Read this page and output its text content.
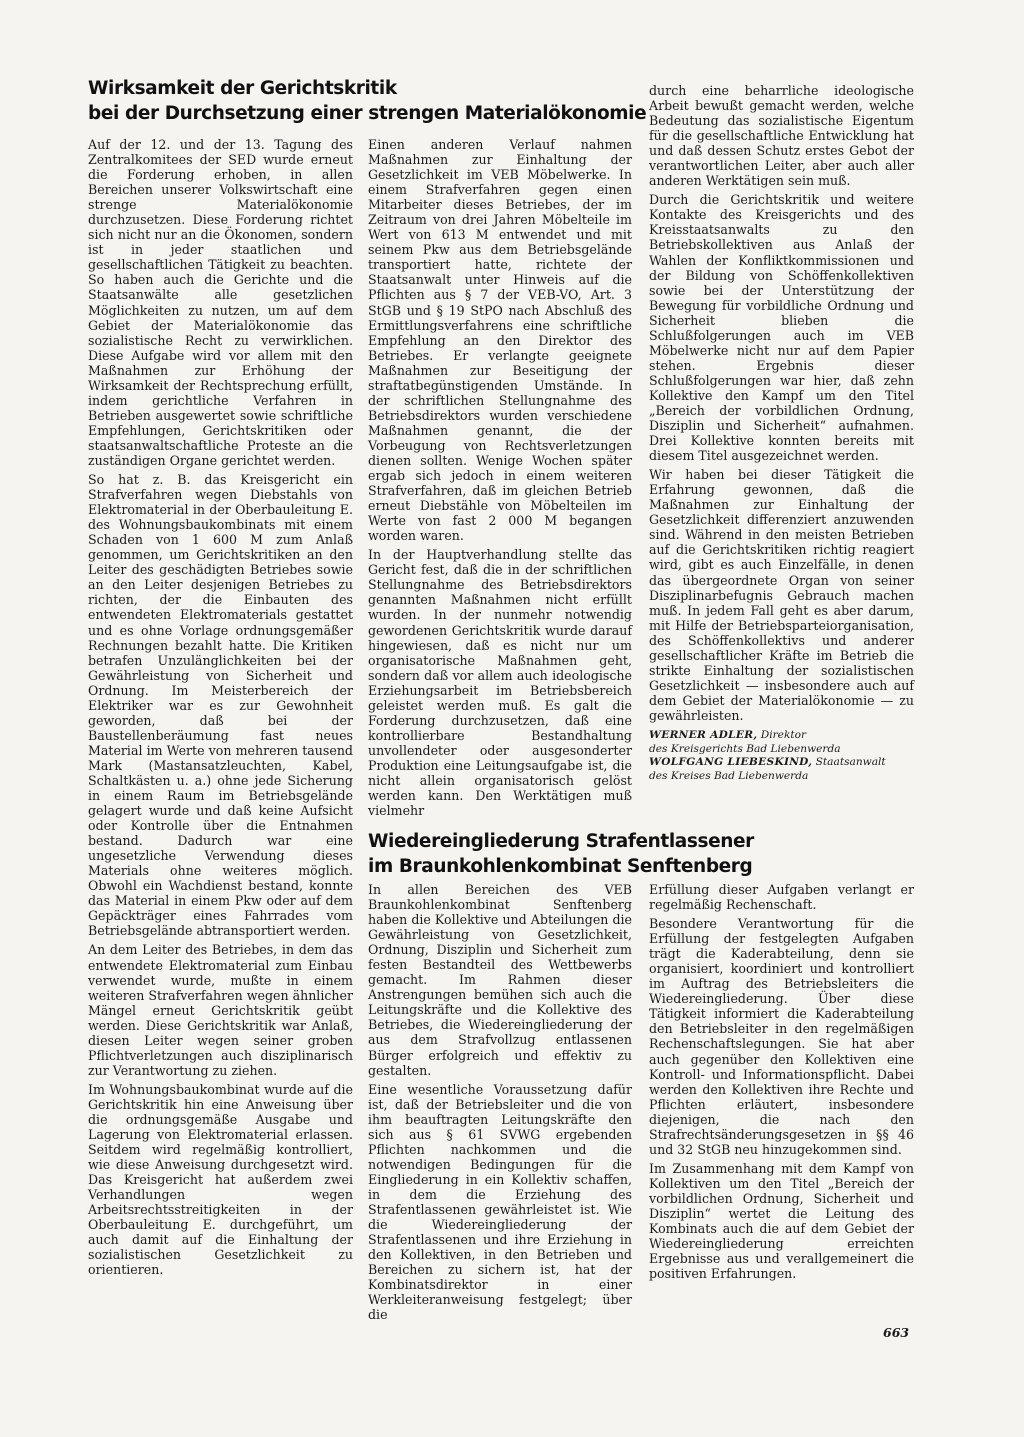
Wirksamkeit der Gerichtskritik
bei der Durchsetzung einer strengen Materialökonomie

Auf der 12. und der 13. Tagung des Zentralkomitees der SED wurde erneut die Forderung erhoben, in allen Bereichen unserer Volkswirtschaft eine strenge Materialökonomie durchzusetzen. Diese Forderung richtet sich nicht nur an die Ökonomen, sondern ist in jeder staatlichen und gesellschaftlichen Tätigkeit zu beachten. So haben auch die Gerichte und die Staatsanwälte alle gesetzlichen Möglichkeiten zu nutzen, um auf dem Gebiet der Materialökonomie das sozialistische Recht zu verwirklichen. Diese Aufgabe wird vor allem mit den Maßnahmen zur Erhöhung der Wirksamkeit der Rechtsprechung erfüllt, indem gerichtliche Verfahren in Betrieben ausgewertet sowie schriftliche Empfehlungen, Gerichtskritiken oder staatsanwaltschaftliche Proteste an die zuständigen Organe gerichtet werden.

So hat z. B. das Kreisgericht ein Strafverfahren wegen Diebstahls von Elektromaterial in der Oberbauleitung E. des Wohnungsbaukombinats mit einem Schaden von 1 600 M zum Anlaß genommen, um Gerichtskritiken an den Leiter des geschädigten Betriebes sowie an den Leiter desjenigen Betriebes zu richten, der die Einbauten des entwendeten Elektromaterials gestattet und es ohne Vorlage ordnungsgemäßer Rechnungen bezahlt hatte. Die Kritiken betrafen Unzulänglichkeiten bei der Gewährleistung von Sicherheit und Ordnung. Im Meisterbereich der Elektriker war es zur Gewohnheit geworden, daß bei der Baustellenberäumung fast neues Material im Werte von mehreren tausend Mark (Mastansatzleuchten, Kabel, Schaltkästen u. a.) ohne jede Sicherung in einem Raum im Betriebsgelände gelagert wurde und daß keine Aufsicht oder Kontrolle über die Entnahmen bestand. Dadurch war eine ungesetzliche Verwendung dieses Materials ohne weiteres möglich. Obwohl ein Wachdienst bestand, konnte das Material in einem Pkw oder auf dem Gepäckträger eines Fahrrades vom Betriebsgelände abtransportiert werden.

An dem Leiter des Betriebes, in dem das entwendete Elektromaterial zum Einbau verwendet wurde, mußte in einem weiteren Strafverfahren wegen ähnlicher Mängel erneut Gerichtskritik geübt werden. Diese Gerichtskritik war Anlaß, diesen Leiter wegen seiner groben Pflichtverletzungen auch disziplinarisch zur Verantwortung zu ziehen.

Im Wohnungsbaukombinat wurde auf die Gerichtskritik hin eine Anweisung über die ordnungsgemäße Ausgabe und Lagerung von Elektromaterial erlassen. Seitdem wird regelmäßig kontrolliert, wie diese Anweisung durchgesetzt wird. Das Kreisgericht hat außerdem zwei Verhandlungen wegen Arbeitsrechtsstreitigkeiten in der Oberbauleitung E. durchgeführt, um auch damit auf die Einhaltung der sozialistischen Gesetzlichkeit zu orientieren.

Einen anderen Verlauf nahmen Maßnahmen zur Einhaltung der Gesetzlichkeit im VEB Möbelwerke. In einem Strafverfahren gegen einen Mitarbeiter dieses Betriebes, der im Zeitraum von drei Jahren Möbelteile im Wert von 613 M entwendet und mit seinem Pkw aus dem Betriebsgelände transportiert hatte, richtete der Staatsanwalt unter Hinweis auf die Pflichten aus § 7 der VEB-VO, Art. 3 StGB und § 19 StPO nach Abschluß des Ermittlungsverfahrens eine schriftliche Empfehlung an den Direktor des Betriebes. Er verlangte geeignete Maßnahmen zur Beseitigung der straftatbegünstigenden Umstände. In der schriftlichen Stellungnahme des Betriebsdirektors wurden verschiedene Maßnahmen genannt, die der Vorbeugung von Rechtsverletzungen dienen sollten. Wenige Wochen später ergab sich jedoch in einem weiteren Strafverfahren, daß im gleichen Betrieb erneut Diebstähle von Möbelteilen im Werte von fast 2 000 M begangen worden waren.

In der Hauptverhandlung stellte das Gericht fest, daß die in der schriftlichen Stellungnahme des Betriebsdirektors genannten Maßnahmen nicht erfüllt wurden. In der nunmehr notwendig gewordenen Gerichtskritik wurde darauf hingewiesen, daß es nicht nur um organisatorische Maßnahmen geht, sondern daß vor allem auch ideologische Erziehungsarbeit im Betriebsbereich geleistet werden muß. Es galt die Forderung durchzusetzen, daß eine kontrollierbare Bestandhaltung unvollendeter oder ausgesonderter Produktion eine Leitungsaufgabe ist, die nicht allein organisatorisch gelöst werden kann. Den Werktätigen muß vielmehr

durch eine beharrliche ideologische Arbeit bewußt gemacht werden, welche Bedeutung das sozialistische Eigentum für die gesellschaftliche Entwicklung hat und daß dessen Schutz erstes Gebot der verantwortlichen Leiter, aber auch aller anderen Werktätigen sein muß.

Durch die Gerichtskritik und weitere Kontakte des Kreisgerichts und des Kreisstaatsanwalts zu den Betriebskollektiven aus Anlaß der Wahlen der Konfliktkommissionen und der Bildung von Schöffenkollektiven sowie bei der Unterstützung der Bewegung für vorbildliche Ordnung und Sicherheit blieben die Schlußfolgerungen auch im VEB Möbelwerke nicht nur auf dem Papier stehen. Ergebnis dieser Schlußfolgerungen war hier, daß zehn Kollektive den Kampf um den Titel „Bereich der vorbildlichen Ordnung, Disziplin und Sicherheit“ aufnahmen. Drei Kollektive konnten bereits mit diesem Titel ausgezeichnet werden.

Wir haben bei dieser Tätigkeit die Erfahrung gewonnen, daß die Maßnahmen zur Einhaltung der Gesetzlichkeit differenziert anzuwenden sind. Während in den meisten Betrieben auf die Gerichtskritiken richtig reagiert wird, gibt es auch Einzelfälle, in denen das übergeordnete Organ von seiner Disziplinarbefugnis Gebrauch machen muß. In jedem Fall geht es aber darum, mit Hilfe der Betriebsparteiorganisation, des Schöffenkollektivs und anderer gesellschaftlicher Kräfte im Betrieb die strikte Einhaltung der sozialistischen Gesetzlichkeit — insbesondere auch auf dem Gebiet der Materialökonomie — zu gewährleisten.

WERNER ADLER, Direktor
des Kreisgerichts Bad Liebenwerda
WOLFGANG LIEBESKIND, Staatsanwalt
des Kreises Bad Liebenwerda
Wiedereingliederung Strafentlassener
im Braunkohlenkombinat Senftenberg

In allen Bereichen des VEB Braunkohlenkombinat Senftenberg haben die Kollektive und Abteilungen die Gewährleistung von Gesetzlichkeit, Ordnung, Disziplin und Sicherheit zum festen Bestandteil des Wettbewerbs gemacht. Im Rahmen dieser Anstrengungen bemühen sich auch die Leitungskräfte und die Kollektive des Betriebes, die Wiedereingliederung der aus dem Strafvollzug entlassenen Bürger erfolgreich und effektiv zu gestalten.

Eine wesentliche Voraussetzung dafür ist, daß der Betriebsleiter und die von ihm beauftragten Leitungskräfte den sich aus § 61 SVWG ergebenden Pflichten nachkommen und die notwendigen Bedingungen für die Eingliederung in ein Kollektiv schaffen, in dem die Erziehung des Strafentlassenen gewährleistet ist. Wie die Wiedereingliederung der Strafentlassenen und ihre Erziehung in den Kollektiven, in den Betrieben und Bereichen zu sichern ist, hat der Kombinatsdirektor in einer Werkleiteranweisung festgelegt; über die

Erfüllung dieser Aufgaben verlangt er regelmäßig Rechenschaft.

Besondere Verantwortung für die Erfüllung der festgelegten Aufgaben trägt die Kaderabteilung, denn sie organisiert, koordiniert und kontrolliert im Auftrag des Betriebsleiters die Wiedereingliederung. Über diese Tätigkeit informiert die Kaderabteilung den Betriebsleiter in den regelmäßigen Rechenschaftslegungen. Sie hat aber auch gegenüber den Kollektiven eine Kontroll- und Informationspflicht. Dabei werden den Kollektiven ihre Rechte und Pflichten erläutert, insbesondere diejenigen, die nach den Strafrechtsänderungsgesetzen in §§ 46 und 32 StGB neu hinzugekommen sind.

Im Zusammenhang mit dem Kampf von Kollektiven um den Titel „Bereich der vorbildlichen Ordnung, Sicherheit und Disziplin“ wertet die Leitung des Kombinats auch die auf dem Gebiet der Wiedereingliederung erreichten Ergebnisse aus und verallgemeinert die positiven Erfahrungen.

663
